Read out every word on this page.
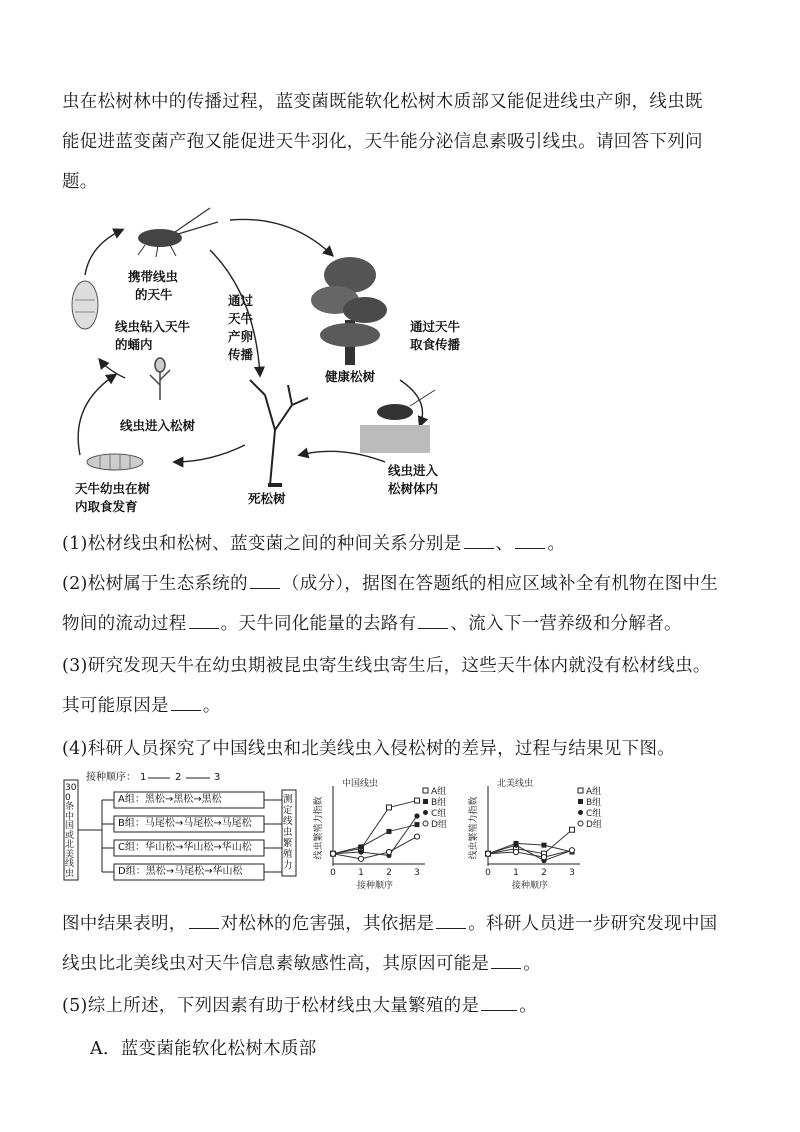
虫在松树林中的传播过程，蓝变菌既能软化松树木质部又能促进线虫产卵，线虫既
能促进蓝变菌产孢又能促进天牛羽化，天牛能分泌信息素吸引线虫。请回答下列问
题。
携带线虫
的天牛
线虫钻入天牛
的蛹内
通过
天牛
产卵
传播
健康松树
通过天牛
取食传播
线虫进入松树
天牛幼虫在树
内取食发育
死松树
线虫进入
松树体内
(1)松材线虫和松树、蓝变菌之间的种间关系分别是 、 。
(2)松树属于生态系统的 （成分），据图在答题纸的相应区域补全有机物在图中生
物间的流动过程 。天牛同化能量的去路有 、流入下一营养级和分解者。
(3)研究发现天牛在幼虫期被昆虫寄生线虫寄生后，这些天牛体内就没有松材线虫。
其可能原因是 。
(4)科研人员探究了中国线虫和北美线虫入侵松树的差异，过程与结果见下图。
接种顺序： 1	2	3
300条中国或北美线虫
测定线虫繁殖力
A组：黑松→黑松→黑松
B组：马尾松→马尾松→马尾松
C组：华山松→华山松→华山松
D组：黑松→马尾松→华山松	0 1 2 3
中国线虫
接种顺序
线虫繁殖力指数
A组
B组
C组
D组
0 1 2 3
北美线虫
接种顺序
线虫繁殖力指数
A组
B组
C组
D组
图中结果表明， 对松林的危害强，其依据是 。科研人员进一步研究发现中国
线虫比北美线虫对天牛信息素敏感性高，其原因可能是 。
(5)综上所述，下列因素有助于松材线虫大量繁殖的是 。
A．蓝变菌能软化松树木质部
